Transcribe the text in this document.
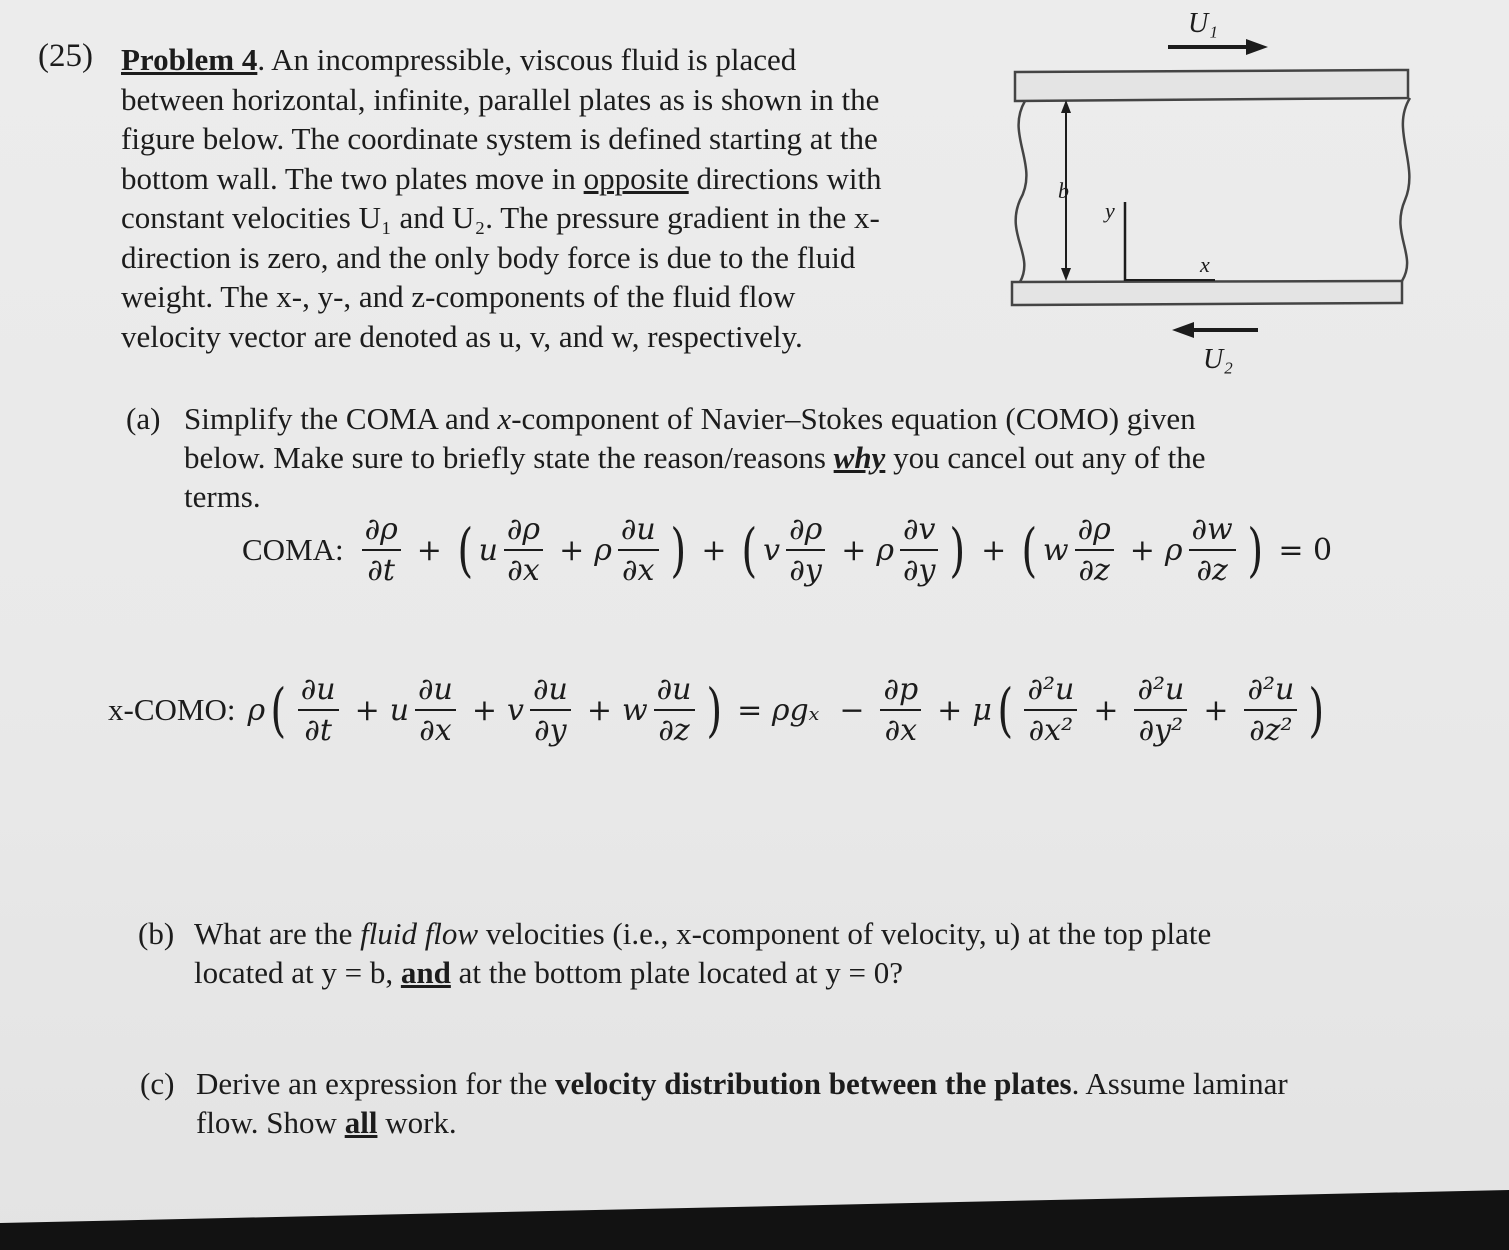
(25) Problem 4. An incompressible, viscous fluid is placed
between horizontal, infinite, parallel plates as is shown in the
figure below. The coordinate system is defined starting at the
bottom wall. The two plates move in opposite directions with
constant velocities U₁ and U₂. The pressure gradient in the x-
direction is zero, and the only body force is due to the fluid
weight. The x-, y-, and z-components of the fluid flow
velocity vector are denoted as u, v, and w, respectively.
U₁
b
y
x
U₂
(a) Simplify the COMA and x-component of Navier–Stokes equation (COMO) given
below. Make sure to briefly state the reason/reasons why you cancel out any of the
terms.
COMA: $\frac{\partial\rho}{\partial t}$ + ( u $\frac{\partial\rho}{\partial x} + \rho \frac{\partial u}{\partial x}$ ) + ( v $\frac{\partial\rho}{\partial y} + \rho \frac{\partial v}{\partial y}$ ) + ( w $\frac{\partial\rho}{\partial z} + \rho \frac{\partial w}{\partial z}$ ) = 0
x-COMO: ρ ( $\frac{\partial u}{\partial t} + u \frac{\partial u}{\partial x} + v \frac{\partial u}{\partial y} + w \frac{\partial u}{\partial z}$ ) = $\rho g_x - \frac{\partial p}{\partial x} + \mu$ ( $\frac{\text{∂²u}}{\text{∂x²}} + \frac{\text{∂²u}}{\text{∂y²}} + \frac{\text{∂²u}}{\text{∂z²}}$ )
(b) What are the fluid flow velocities (i.e., x-component of velocity, u) at the top plate
located at y = b, and at the bottom plate located at y = 0?
(c) Derive an expression for the velocity distribution between the plates. Assume laminar
flow. Show all work.
